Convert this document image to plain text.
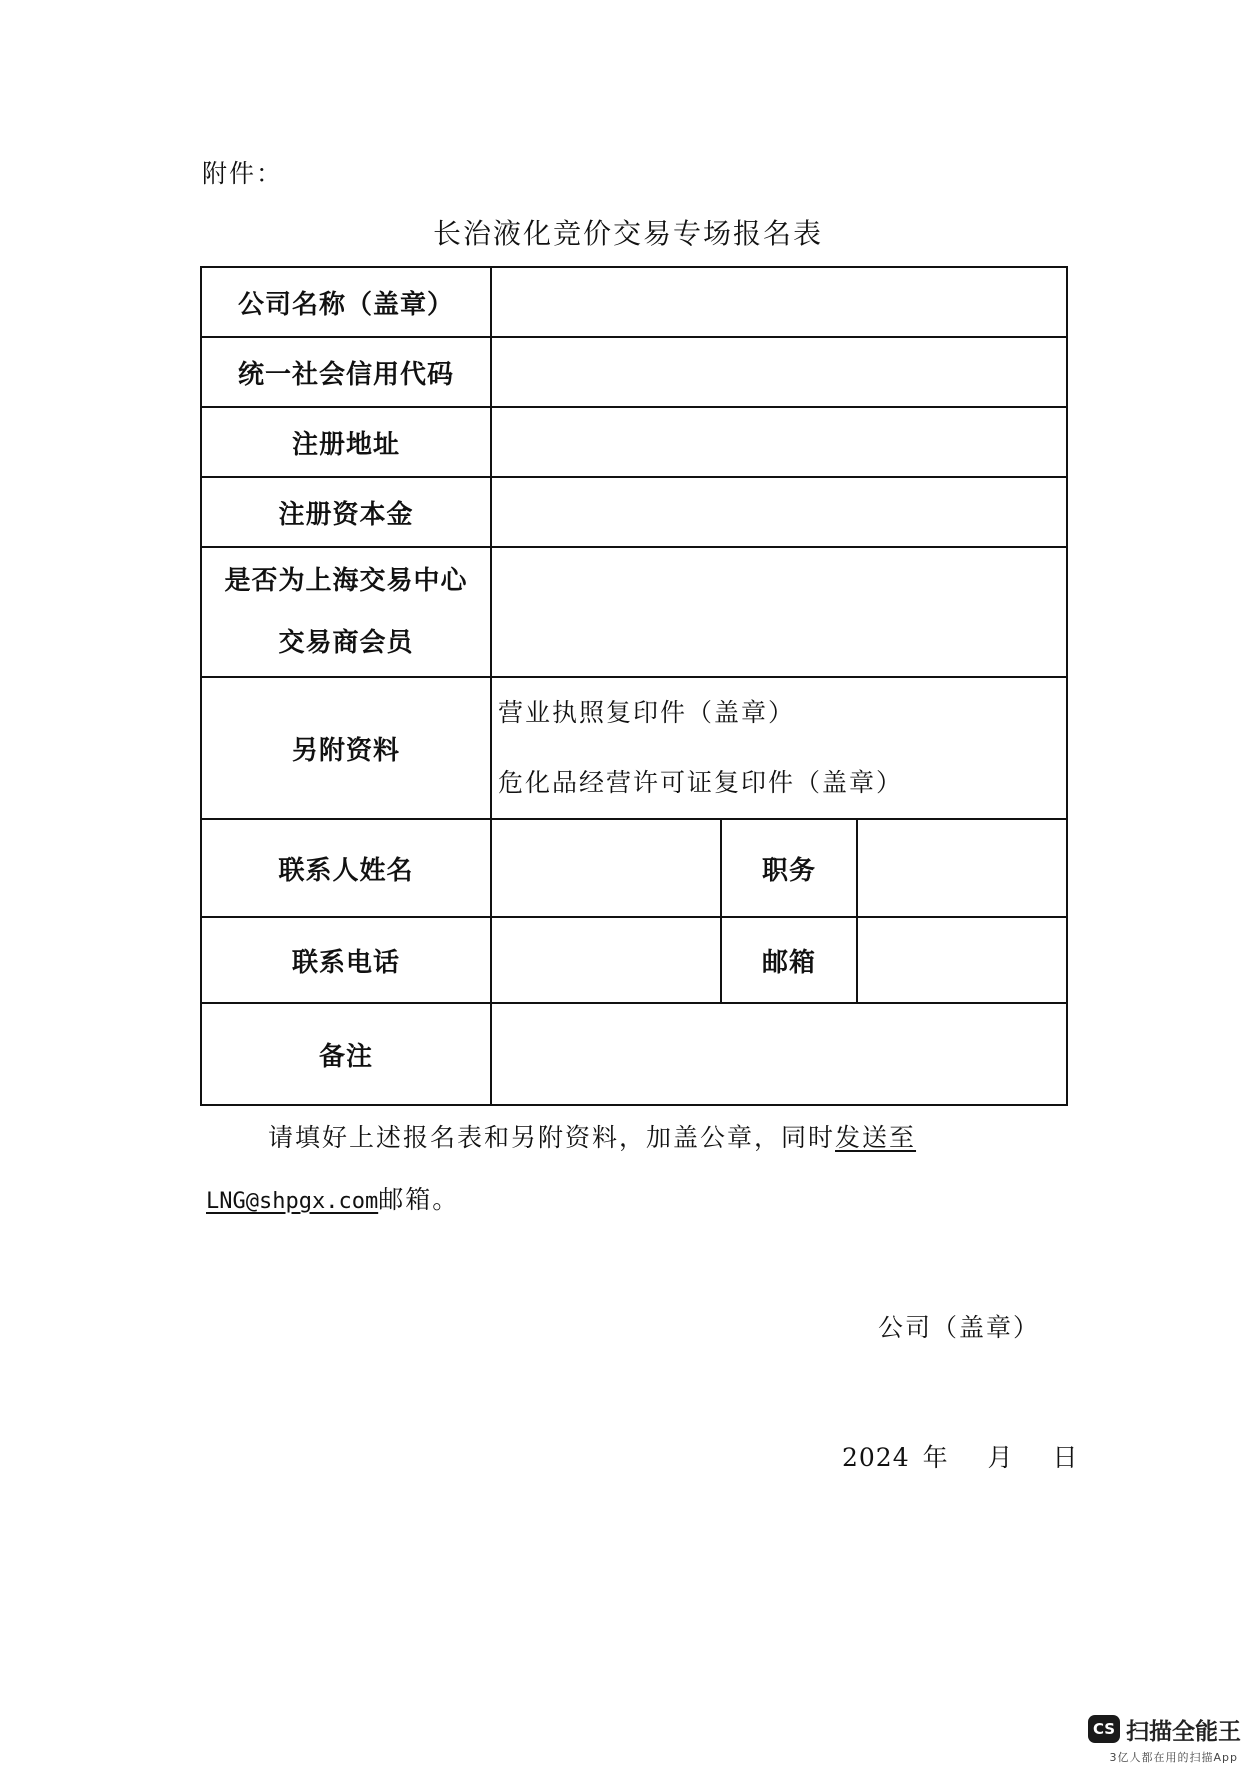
附件：
长治液化竞价交易专场报名表
公司名称（盖章）			
统一社会信用代码			
注册地址			
注册资本金			

是否为上海交易中心
交易商会员			

另附资料	营业执照复印件（盖章）
危化品经营许可证复印件（盖章）		

联系人姓名		职务	
联系电话		邮箱	
备注			
请填好上述报名表和另附资料，加盖公章，同时发送至
LNG@shpgx.com邮箱。
公司（盖章）
2024 年 月 日
CS 扫描全能王
3亿人都在用的扫描App
